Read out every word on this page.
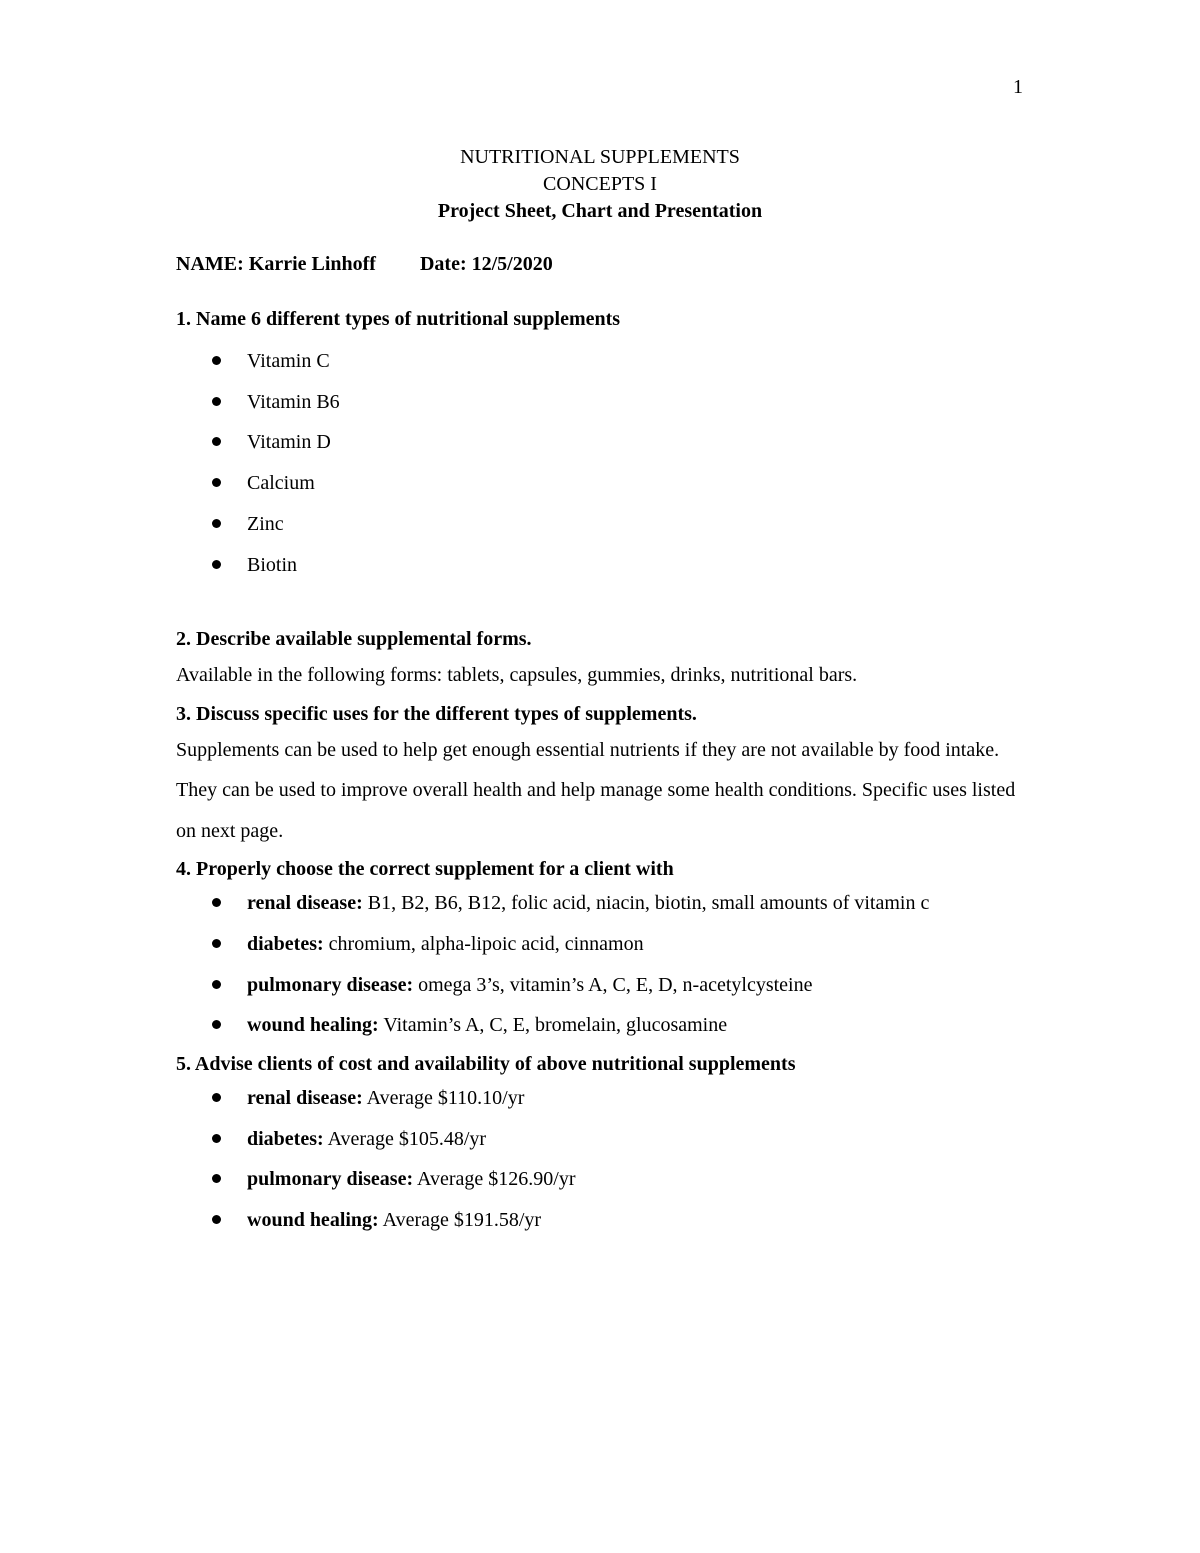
1
NUTRITIONAL SUPPLEMENTS
CONCEPTS I
Project Sheet, Chart and Presentation
NAME: Karrie Linhoff Date: 12/5/2020
1. Name 6 different types of nutritional supplements
Vitamin C
Vitamin B6
Vitamin D
Calcium
Zinc
Biotin
2. Describe available supplemental forms.

Available in the following forms: tablets, capsules, gummies, drinks, nutritional bars.

3. Discuss specific uses for the different types of supplements.

Supplements can be used to help get enough essential nutrients if they are not available by food intake. They can be used to improve overall health and help manage some health conditions. Specific uses listed on next page.

4. Properly choose the correct supplement for a client with
renal disease: B1, B2, B6, B12, folic acid, niacin, biotin, small amounts of vitamin c
diabetes: chromium, alpha-lipoic acid, cinnamon
pulmonary disease: omega 3’s, vitamin’s A, C, E, D, n-acetylcysteine
wound healing: Vitamin’s A, C, E, bromelain, glucosamine
5. Advise clients of cost and availability of above nutritional supplements
renal disease: Average $110.10/yr
diabetes: Average $105.48/yr
pulmonary disease: Average $126.90/yr
wound healing: Average $191.58/yr
